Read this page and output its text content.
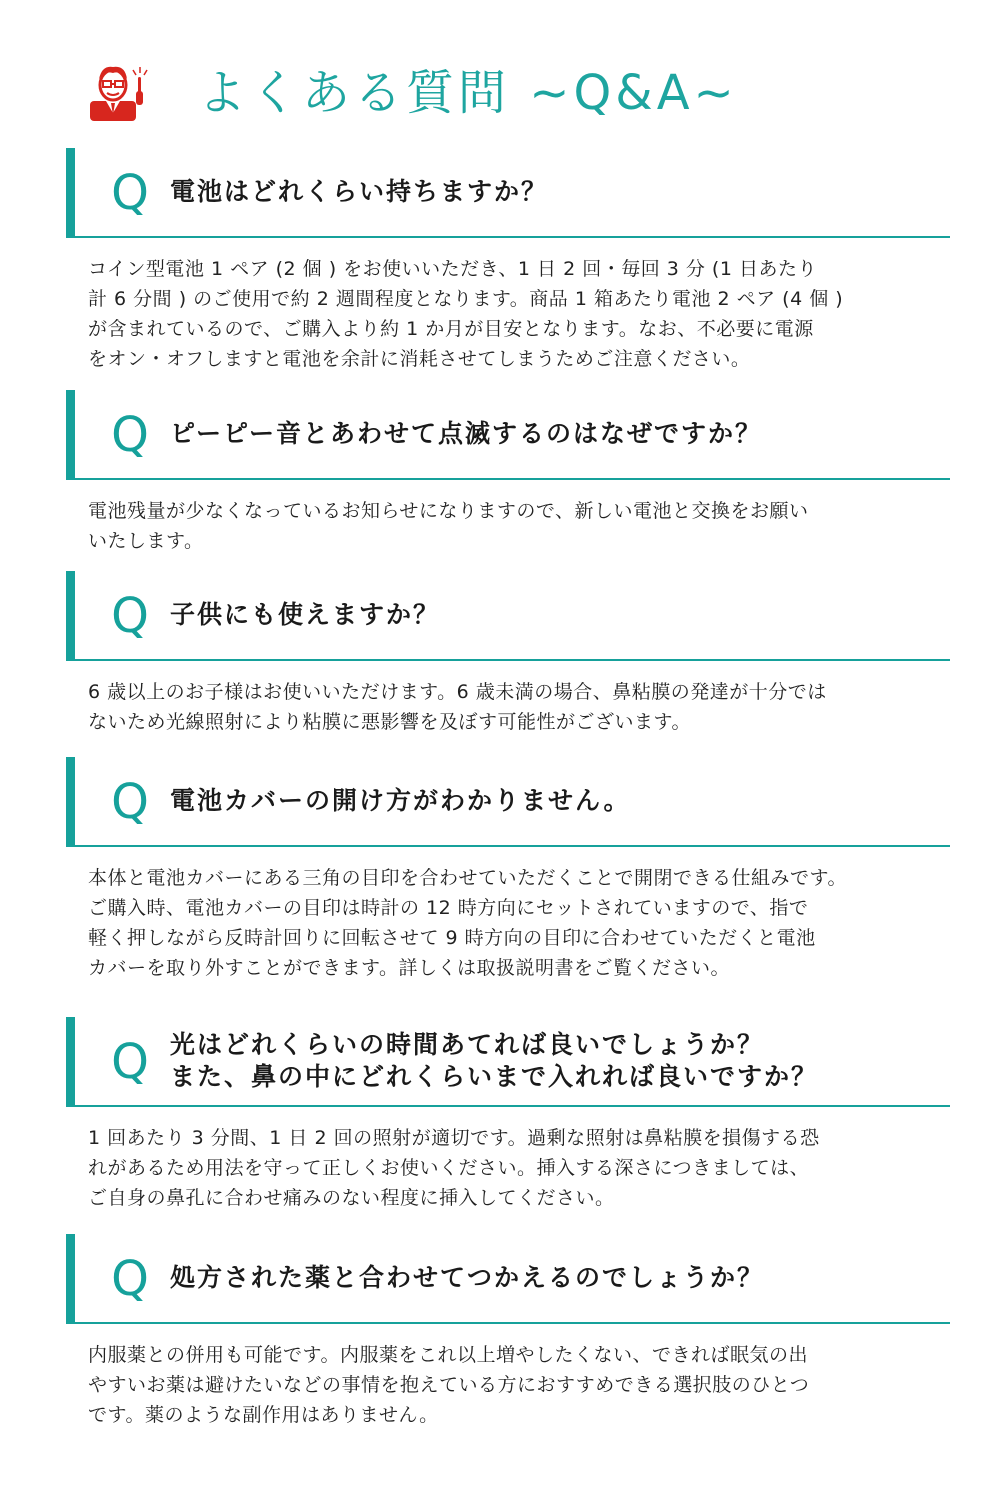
よくある質問 ~Q&A~
Q 電池はどれくらい持ちますか？

コイン型電池 1 ペア (2 個 ) をお使いいただき、1 日 2 回・毎回 3 分 (1 日あたり
計 6 分間 ) のご使用で約 2 週間程度となります。商品 1 箱あたり電池 2 ペア (4 個 )
が含まれているので、ご購入より約 1 か月が目安となります。なお、不必要に電源
をオン・オフしますと電池を余計に消耗させてしまうためご注意ください。
Q ピーピー音とあわせて点滅するのはなぜですか？

電池残量が少なくなっているお知らせになりますので、新しい電池と交換をお願い
いたします。
Q 子供にも使えますか？

6 歳以上のお子様はお使いいただけます。6 歳未満の場合、鼻粘膜の発達が十分では
ないため光線照射により粘膜に悪影響を及ぼす可能性がございます。
Q 電池カバーの開け方がわかりません。

本体と電池カバーにある三角の目印を合わせていただくことで開閉できる仕組みです。
ご購入時、電池カバーの目印は時計の 12 時方向にセットされていますので、指で
軽く押しながら反時計回りに回転させて 9 時方向の目印に合わせていただくと電池
カバーを取り外すことができます。詳しくは取扱説明書をご覧ください。
Q 光はどれくらいの時間あてれば良いでしょうか？
また、鼻の中にどれくらいまで入れれば良いですか？

1 回あたり 3 分間、1 日 2 回の照射が適切です。過剰な照射は鼻粘膜を損傷する恐
れがあるため用法を守って正しくお使いください。挿入する深さにつきましては、
ご自身の鼻孔に合わせ痛みのない程度に挿入してください。
Q 処方された薬と合わせてつかえるのでしょうか？

内服薬との併用も可能です。内服薬をこれ以上増やしたくない、できれば眠気の出
やすいお薬は避けたいなどの事情を抱えている方におすすめできる選択肢のひとつ
です。薬のような副作用はありません。
